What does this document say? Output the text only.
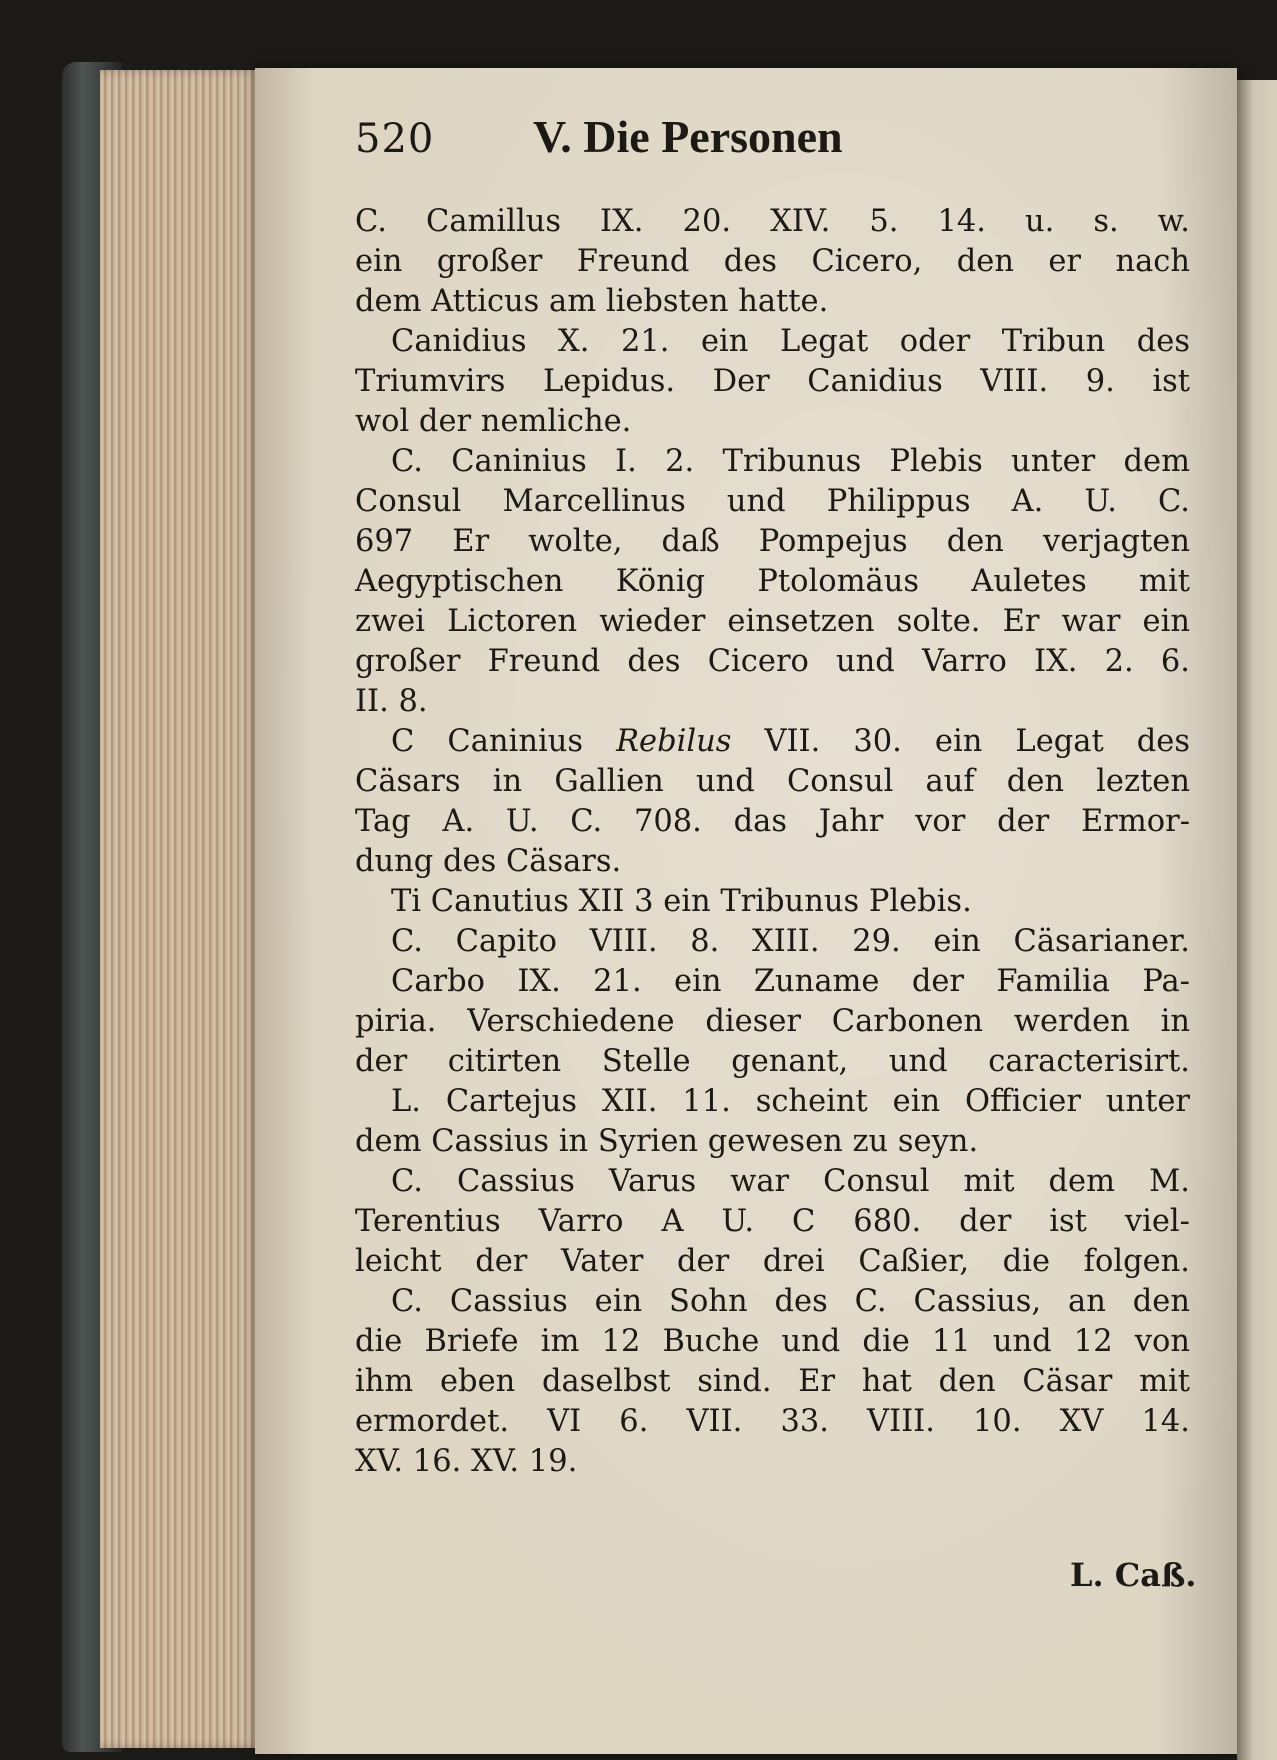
520	V. Die Personen
C. Camillus IX. 20. XIV. 5. 14. u. s. w.
ein großer Freund des Cicero, den er nach
dem Atticus am liebsten hatte.
Canidius X. 21. ein Legat oder Tribun des
Triumvirs Lepidus. Der Canidius VIII. 9. ist
wol der nemliche.
C. Caninius I. 2. Tribunus Plebis unter dem
Consul Marcellinus und Philippus A. U. C.
697 Er wolte, daß Pompejus den verjagten
Aegyptischen König Ptolomäus Auletes mit
zwei Lictoren wieder einsetzen solte. Er war ein
großer Freund des Cicero und Varro IX. 2. 6.
II. 8.
C Caninius Rebilus VII. 30. ein Legat des
Cäsars in Gallien und Consul auf den lezten
Tag A. U. C. 708. das Jahr vor der Ermor-
dung des Cäsars.
Ti Canutius XII 3 ein Tribunus Plebis.
C. Capito VIII. 8. XIII. 29. ein Cäsarianer.
Carbo IX. 21. ein Zuname der Familia Pa-
piria. Verschiedene dieser Carbonen werden in
der citirten Stelle genant, und caracterisirt.
L. Cartejus XII. 11. scheint ein Officier unter
dem Cassius in Syrien gewesen zu seyn.
C. Cassius Varus war Consul mit dem M.
Terentius Varro A U. C 680. der ist viel-
leicht der Vater der drei Caßier, die folgen.
C. Cassius ein Sohn des C. Cassius, an den
die Briefe im 12 Buche und die 11 und 12 von
ihm eben daselbst sind. Er hat den Cäsar mit
ermordet. VI 6. VII. 33. VIII. 10. XV 14.
XV. 16. XV. 19.
L. Caß.
